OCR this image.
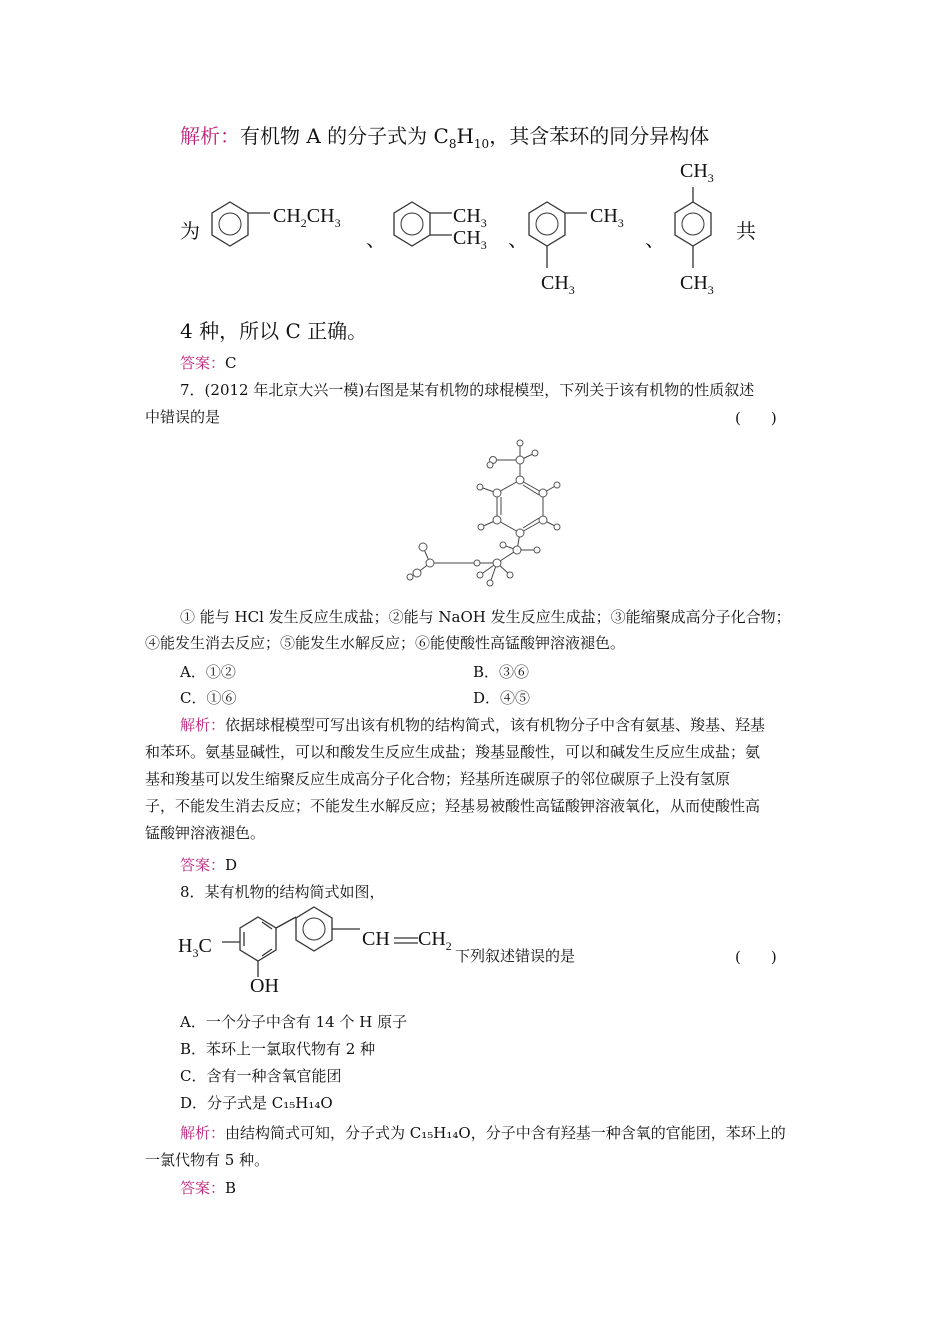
解析：有机物 A 的分子式为 $C_8H_{10}$，其含苯环的同分异构体
为
$CH_2CH_3$
、
$CH_3$
$CH_3$ 、
$CH_3$
$CH_3$
、
$CH_3$
$CH_3$
共
4 种，所以 C 正确。
答案：C
7．(2012 年北京大兴一模)右图是某有机物的球棍模型，下列关于该有机物的性质叙述
中错误的是	(　　)
① 能与 HCl 发生反应生成盐；②能与 NaOH 发生反应生成盐；③能缩聚成高分子化合物；
④能发生消去反应；⑤能发生水解反应；⑥能使酸性高锰酸钾溶液褪色。
A．①②	B．③⑥
C．①⑥	D．④⑤
解析：依据球棍模型可写出该有机物的结构简式，该有机物分子中含有氨基、羧基、羟基
和苯环。氨基显碱性，可以和酸发生反应生成盐；羧基显酸性，可以和碱发生反应生成盐；氨
基和羧基可以发生缩聚反应生成高分子化合物；羟基所连碳原子的邻位碳原子上没有氢原
子，不能发生消去反应；不能发生水解反应；羟基易被酸性高锰酸钾溶液氧化，从而使酸性高
锰酸钾溶液褪色。
答案：D
8．某有机物的结构简式如图，
$H_3C$	CH $CH_2$
下列叙述错误的是	(　　)
OH
A．一个分子中含有 14 个 H 原子
B．苯环上一氯取代物有 2 种
C．含有一种含氧官能团
D．分子式是 C₁₅H₁₄O
解析：由结构简式可知，分子式为 C₁₅H₁₄O，分子中含有羟基一种含氧的官能团，苯环上的
一氯代物有 5 种。
答案：B
